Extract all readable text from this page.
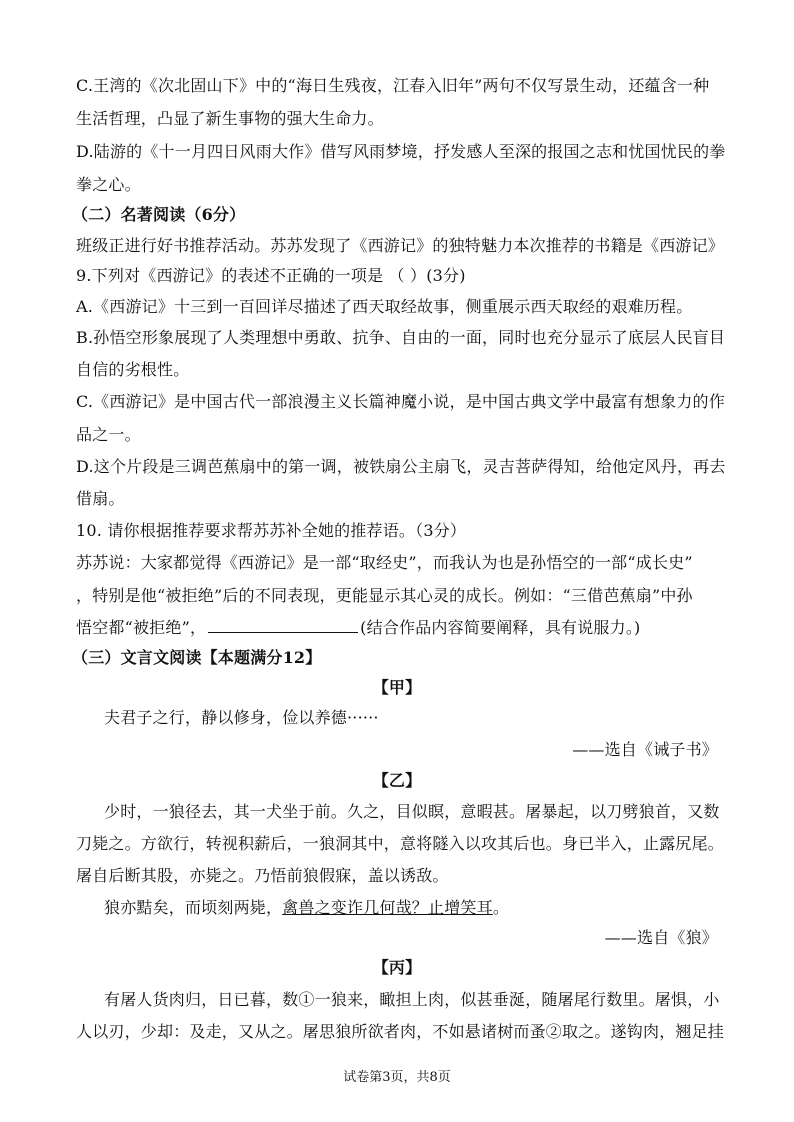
C.王湾的《次北固山下》中的“海日生残夜，江春入旧年”两句不仅写景生动，还蕴含一种
生活哲理，凸显了新生事物的强大生命力。
D.陆游的《十一月四日风雨大作》借写风雨梦境，抒发感人至深的报国之志和忧国忧民的拳
拳之心。
（二）名著阅读（6分）
班级正进行好书推荐活动。苏苏发现了《西游记》的独特魅力本次推荐的书籍是《西游记》
9.下列对《西游记》的表述不正确的一项是 （ ）(3分)
A.《西游记》十三到一百回详尽描述了西天取经故事，侧重展示西天取经的艰难历程。
B.孙悟空形象展现了人类理想中勇敢、抗争、自由的一面，同时也充分显示了底层人民盲目
自信的劣根性。
C.《西游记》是中国古代一部浪漫主义长篇神魔小说，是中国古典文学中最富有想象力的作
品之一。
D.这个片段是三调芭蕉扇中的第一调，被铁扇公主扇飞，灵吉菩萨得知，给他定风丹，再去
借扇。
10. 请你根据推荐要求帮苏苏补全她的推荐语。（3分）
苏苏说：大家都觉得《西游记》是一部“取经史”，而我认为也是孙悟空的一部“成长史”
，特别是他“被拒绝”后的不同表现，更能显示其心灵的成长。例如：“三借芭蕉扇”中孙
悟空都“被拒绝”，	(结合作品内容简要阐释，具有说服力。)
（三）文言文阅读【本题满分12】
【甲】
夫君子之行，静以修身，俭以养德······
——选自《诫子书》
【乙】
少时，一狼径去，其一犬坐于前。久之，目似瞑，意暇甚。屠暴起，以刀劈狼首，又数
刀毙之。方欲行，转视积薪后，一狼洞其中，意将隧入以攻其后也。身已半入，止露尻尾。
屠自后断其股，亦毙之。乃悟前狼假寐，盖以诱敌。
狼亦黠矣，而顷刻两毙，禽兽之变诈几何哉？止增笑耳。
——选自《狼》
【丙】
有屠人货肉归，日已暮，数①一狼来，瞰担上肉，似甚垂涎，随屠尾行数里。屠惧，小
人以刃，少却：及走，又从之。屠思狼所欲者肉，不如悬诸树而蚤②取之。遂钩肉，翘足挂
试卷第3页，共8页
